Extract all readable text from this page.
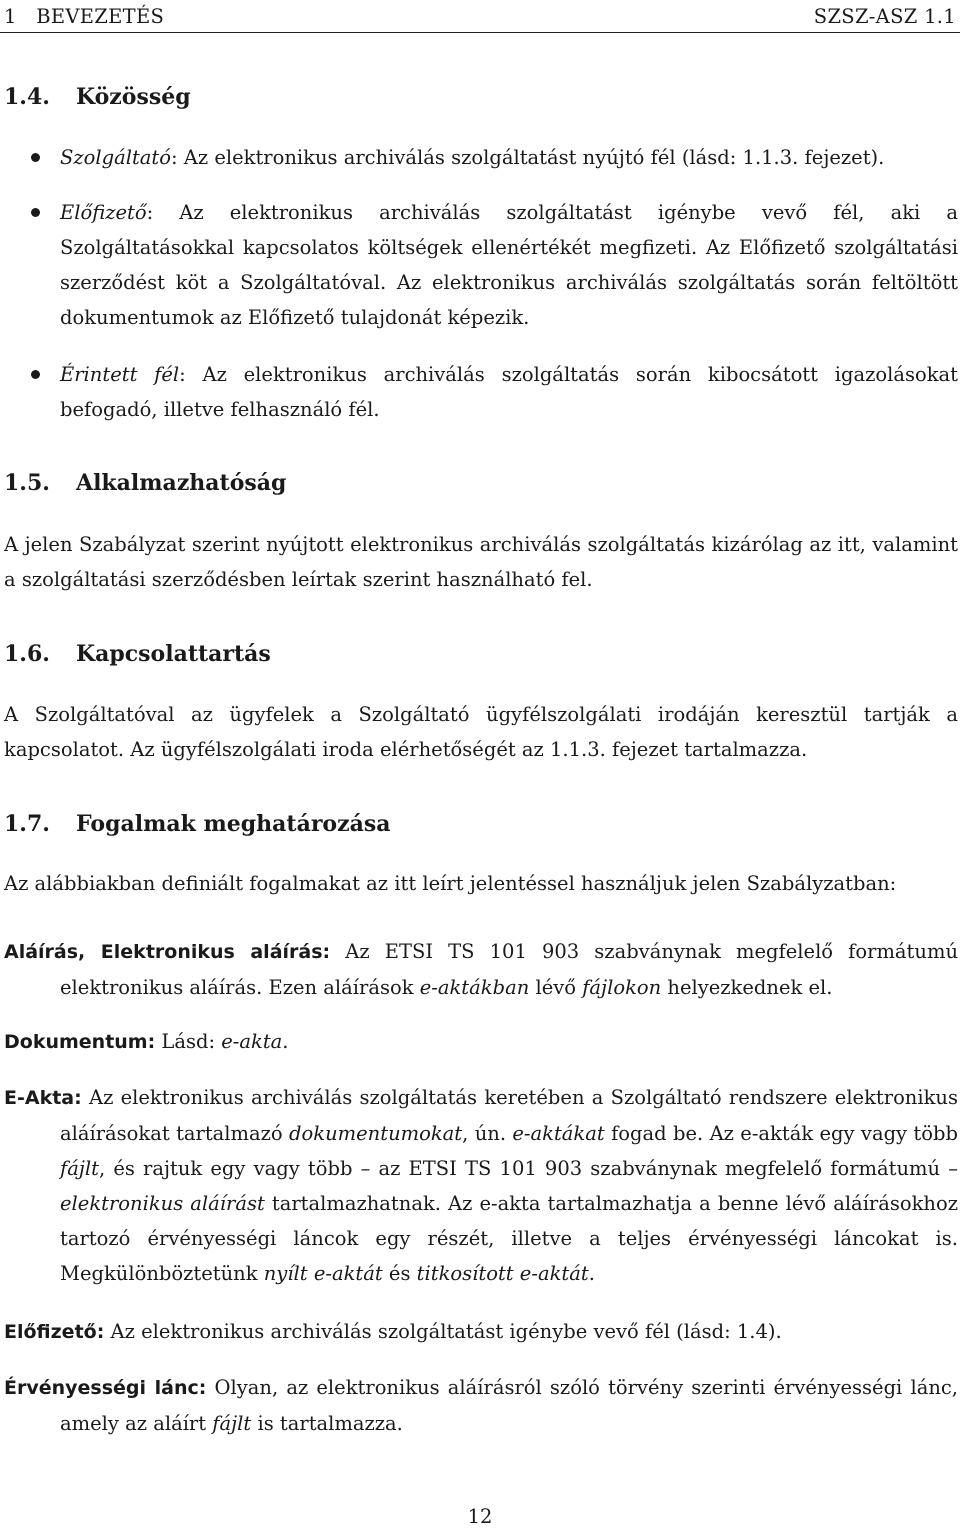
1   BEVEZETÉS	SZSZ-ASZ 1.1
1.4. Közösség
Szolgáltató: Az elektronikus archiválás szolgáltatást nyújtó fél (lásd: 1.1.3. fejezet).
Előfizető: Az elektronikus archiválás szolgáltatást igénybe vevő fél, aki a Szolgáltatásokkal kapcsolatos költségek ellenértékét megfizeti. Az Előfizető szolgáltatási szerződést köt a Szolgáltatóval. Az elektronikus archiválás szolgáltatás során feltöltött dokumentumok az Előfizető tulajdonát képezik.
Érintett fél: Az elektronikus archiválás szolgáltatás során kibocsátott igazolásokat befogadó, illetve felhasználó fél.
1.5. Alkalmazhatóság

A jelen Szabályzat szerint nyújtott elektronikus archiválás szolgáltatás kizárólag az itt, valamint a szolgáltatási szerződésben leírtak szerint használható fel.

1.6. Kapcsolattartás

A Szolgáltatóval az ügyfelek a Szolgáltató ügyfélszolgálati irodáján keresztül tartják a kapcsolatot. Az ügyfélszolgálati iroda elérhetőségét az 1.1.3. fejezet tartalmazza.

1.7. Fogalmak meghatározása
Az alábbiakban definiált fogalmakat az itt leírt jelentéssel használjuk jelen Szabályzatban:

Aláírás, Elektronikus aláírás: Az ETSI TS 101 903 szabványnak megfelelő formátumú elektronikus aláírás. Ezen aláírások e-aktákban lévő fájlokon helyezkednek el.

Dokumentum: Lásd: e-akta.

E-Akta: Az elektronikus archiválás szolgáltatás keretében a Szolgáltató rendszere elektronikus aláírásokat tartalmazó dokumentumokat, ún. e-aktákat fogad be. Az e-akták egy vagy több fájlt, és rajtuk egy vagy több – az ETSI TS 101 903 szabványnak megfelelő formátumú – elektronikus aláírást tartalmazhatnak. Az e-akta tartalmazhatja a benne lévő aláírásokhoz tartozó érvényességi láncok egy részét, illetve a teljes érvényességi láncokat is. Megkülönböztetünk nyílt e-aktát és titkosított e-aktát.

Előfizető: Az elektronikus archiválás szolgáltatást igénybe vevő fél (lásd: 1.4).

Érvényességi lánc: Olyan, az elektronikus aláírásról szóló törvény szerinti érvényességi lánc, amely az aláírt fájlt is tartalmazza.

12
